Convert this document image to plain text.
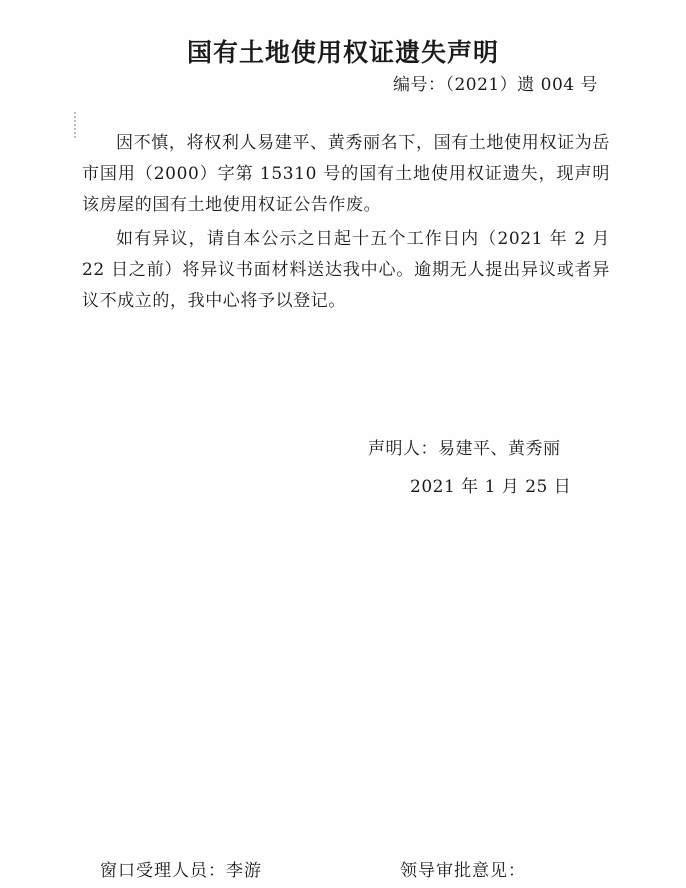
国有土地使用权证遗失声明
编号：（2021）遗 004 号

因不慎，将权利人易建平、黄秀丽名下，国有土地使用权证为岳市国用（2000）字第 15310 号的国有土地使用权证遗失，现声明该房屋的国有土地使用权证公告作废。

如有异议，请自本公示之日起十五个工作日内（2021 年 2 月 22 日之前）将异议书面材料送达我中心。逾期无人提出异议或者异议不成立的，我中心将予以登记。

声明人：易建平、黄秀丽
2021 年 1 月 25 日
窗口受理人员：李游	领导审批意见：
